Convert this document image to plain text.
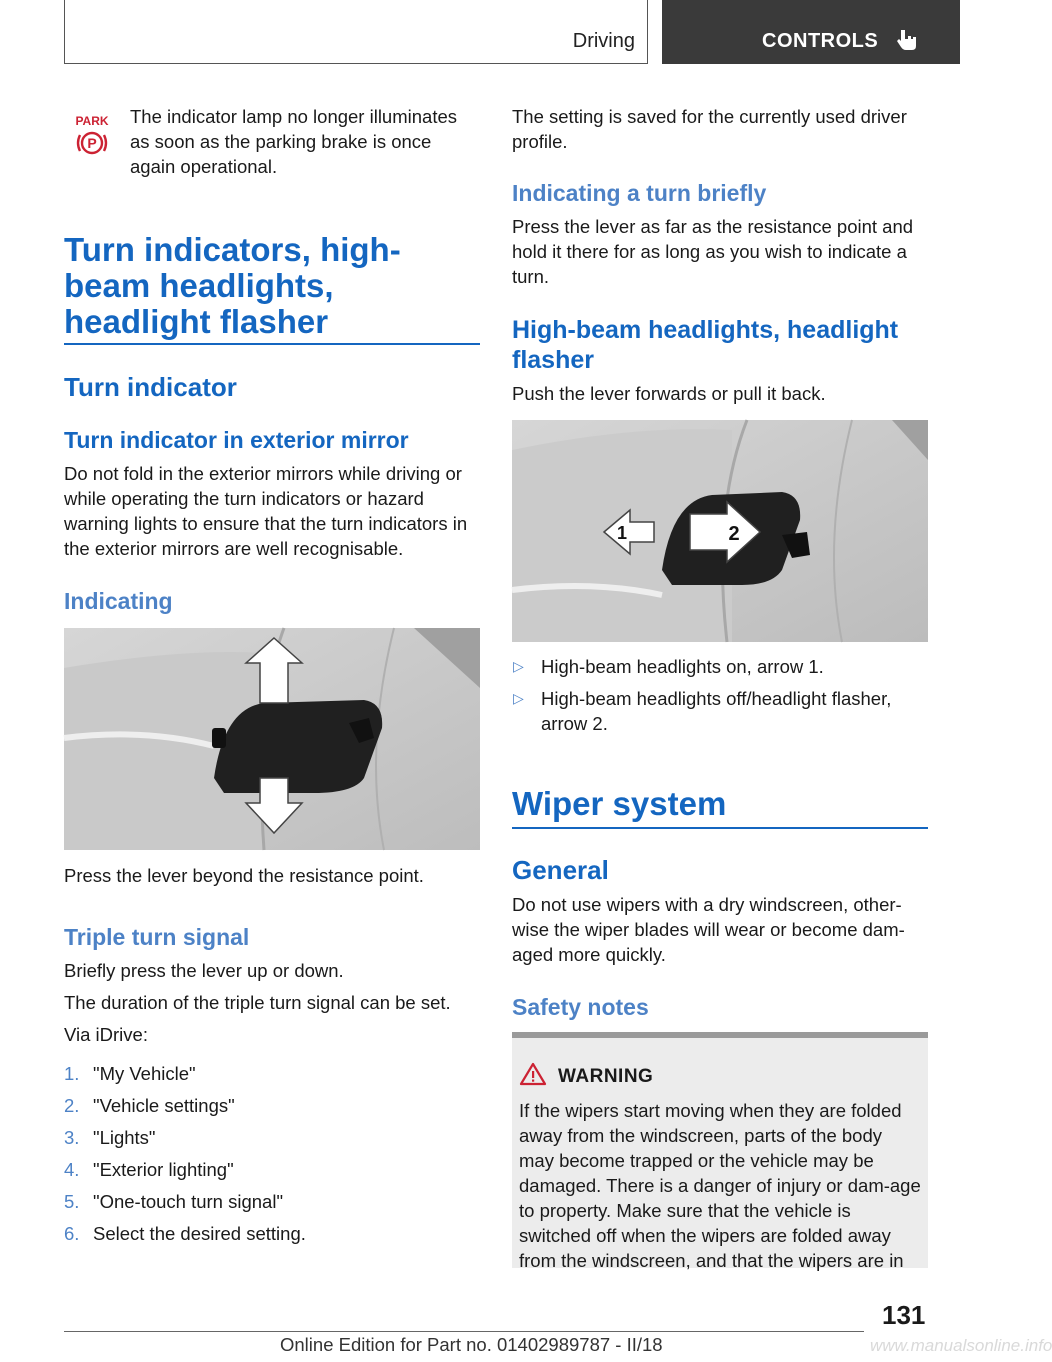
Driving	CONTROLS
PARK
P

The indicator lamp no longer illuminates as soon as the parking brake is once again operational.

Turn indicators, high-beam headlights, headlight flasher
Turn indicator
Turn indicator in exterior mirror

Do not fold in the exterior mirrors while driving or while operating the turn indicators or hazard warning lights to ensure that the turn indicators in the exterior mirrors are well recognisable.

Indicating

Press the lever beyond the resistance point.

Triple turn signal

Briefly press the lever up or down.

The duration of the triple turn signal can be set.

Via iDrive:

1. "My Vehicle"
2. "Vehicle settings"
3. "Lights"
4. "Exterior lighting"
5. "One-touch turn signal"
6. Select the desired setting.

The setting is saved for the currently used driver profile.

Indicating a turn briefly

Press the lever as far as the resistance point and hold it there for as long as you wish to indicate a turn.

High-beam headlights, headlight flasher

Push the lever forwards or pull it back.

1	2
▷ High-beam headlights on, arrow 1.
▷ High-beam headlights off/headlight flasher, arrow 2.
Wiper system
General

Do not use wipers with a dry windscreen, other‐wise the wiper blades will wear or become dam‐aged more quickly.

Safety notes
WARNING
If the wipers start moving when they are folded away from the windscreen, parts of the body may become trapped or the vehicle may be damaged. There is a danger of injury or dam‐age to property. Make sure that the vehicle is switched off when the wipers are folded away from the windscreen, and that the wipers are in
131
Online Edition for Part no. 01402989787 - II/18	www.manualsonline.info
